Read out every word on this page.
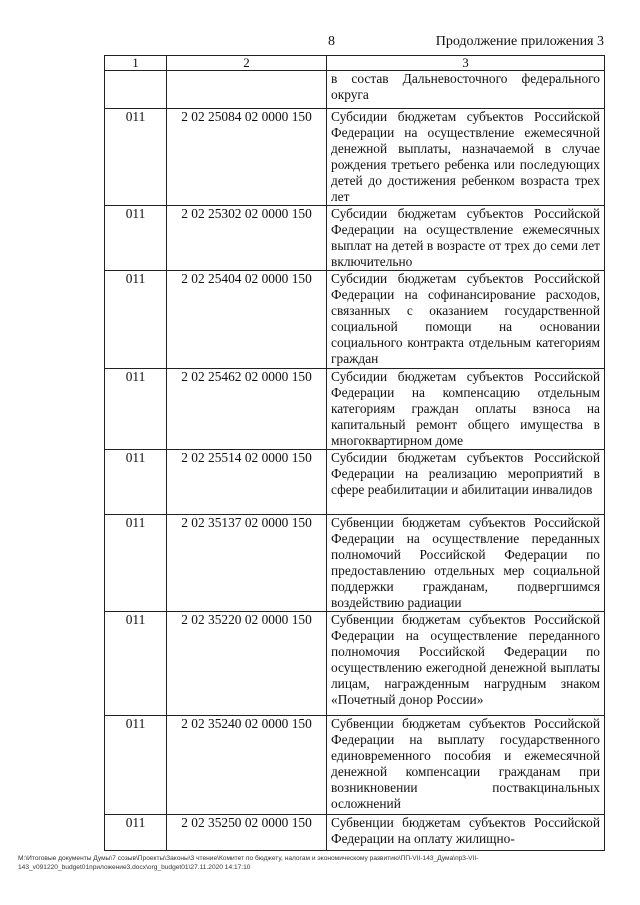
8	Продолжение приложения 3
1	2	3
		в состав Дальневосточного федерального округа
011	2 02 25084 02 0000 150	Субсидии бюджетам субъектов Российской Федерации на осуществление ежемесячной денежной выплаты, назначаемой в случае рождения третьего ребенка или последующих детей до достижения ребенком возраста трех лет
011	2 02 25302 02 0000 150	Субсидии бюджетам субъектов Российской Федерации на осуществление ежемесячных выплат на детей в возрасте от трех до семи лет включительно
011	2 02 25404 02 0000 150	Субсидии бюджетам субъектов Российской Федерации на софинансирование расходов, связанных с оказанием государственной социальной помощи на основании социального контракта отдельным категориям граждан
011	2 02 25462 02 0000 150	Субсидии бюджетам субъектов Российской Федерации на компенсацию отдельным категориям граждан оплаты взноса на капитальный ремонт общего имущества в многоквартирном доме
011	2 02 25514 02 0000 150	Субсидии бюджетам субъектов Российской Федерации на реализацию мероприятий в сфере реабилитации и абилитации инвалидов
011	2 02 35137 02 0000 150	Субвенции бюджетам субъектов Российской Федерации на осуществление переданных полномочий Российской Федерации по предоставлению отдельных мер социальной поддержки гражданам, подвергшимся воздействию радиации
011	2 02 35220 02 0000 150	Субвенции бюджетам субъектов Российской Федерации на осуществление переданного полномочия Российской Федерации по осуществлению ежегодной денежной выплаты лицам, награжденным нагрудным знаком «Почетный донор России»
011	2 02 35240 02 0000 150	Субвенции бюджетам субъектов Российской Федерации на выплату государственного единовременного пособия и ежемесячной денежной компенсации гражданам при возникновении поствакцинальных осложнений
011	2 02 35250 02 0000 150	Субвенции бюджетам субъектов Российской Федерации на оплату жилищно-
М:\Итоговые документы Думы\7 созыв\Проекты\Законы\3 чтение\Комитет по бюджету, налогам и экономическому развитию\ПП-VII-143_Дума\пр3-VII-143_v091220_budget01приложение3.docx\org_budget01\27.11.2020 14:17:10
